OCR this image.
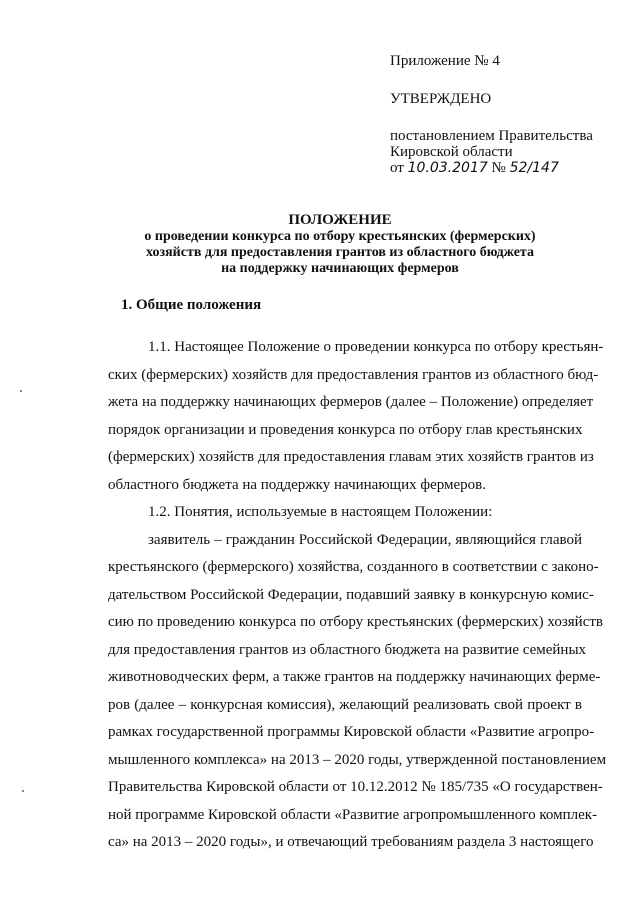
Приложение № 4
УТВЕРЖДЕНО
постановлением Правительства
Кировской области
от 10.03.2017 № 52/147
ПОЛОЖЕНИЕ
о проведении конкурса по отбору крестьянских (фермерских)
хозяйств для предоставления грантов из областного бюджета
на поддержку начинающих фермеров
1. Общие положения
1.1. Настоящее Положение о проведении конкурса по отбору крестьян-
ских (фермерских) хозяйств для предоставления грантов из областного бюд-
жета на поддержку начинающих фермеров (далее – Положение) определяет
порядок организации и проведения конкурса по отбору глав крестьянских
(фермерских) хозяйств для предоставления главам этих хозяйств грантов из
областного бюджета на поддержку начинающих фермеров.
1.2. Понятия, используемые в настоящем Положении:
заявитель – гражданин Российской Федерации, являющийся главой
крестьянского (фермерского) хозяйства, созданного в соответствии с законо-
дательством Российской Федерации, подавший заявку в конкурсную комис-
сию по проведению конкурса по отбору крестьянских (фермерских) хозяйств
для предоставления грантов из областного бюджета на развитие семейных
животноводческих ферм, а также грантов на поддержку начинающих ферме-
ров (далее – конкурсная комиссия), желающий реализовать свой проект в
рамках государственной программы Кировской области «Развитие агропро-
мышленного комплекса» на 2013 – 2020 годы, утвержденной постановлением
Правительства Кировской области от 10.12.2012 № 185/735 «О государствен-
ной программе Кировской области «Развитие агропромышленного комплек-
са» на 2013 – 2020 годы», и отвечающий требованиям раздела 3 настоящего
